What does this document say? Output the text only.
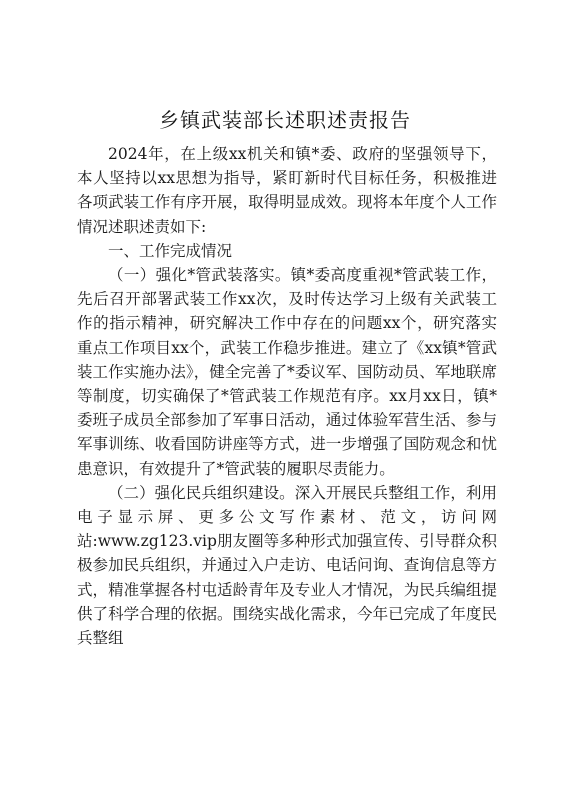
乡镇武装部长述职述责报告

2024年，在上级xx机关和镇*委、政府的坚强领导下，本人坚持以xx思想为指导，紧盯新时代目标任务，积极推进各项武装工作有序开展，取得明显成效。现将本年度个人工作情况述职述责如下:

一、工作完成情况

（一）强化*管武装落实。镇*委高度重视*管武装工作，先后召开部署武装工作xx次，及时传达学习上级有关武装工作的指示精神，研究解决工作中存在的问题xx个，研究落实重点工作项目xx个，武装工作稳步推进。建立了《xx镇*管武装工作实施办法》，健全完善了*委议军、国防动员、军地联席等制度，切实确保了*管武装工作规范有序。xx月xx日，镇*委班子成员全部参加了军事日活动，通过体验军营生活、参与军事训练、收看国防讲座等方式，进一步增强了国防观念和忧患意识，有效提升了*管武装的履职尽责能力。

（二）强化民兵组织建设。深入开展民兵整组工作，利用电子显示屏、更多公文写作素材、范文，访问网站:www.zg123.vip朋友圈等多种形式加强宣传、引导群众积极参加民兵组织，并通过入户走访、电话问询、查询信息等方式，精准掌握各村屯适龄青年及专业人才情况，为民兵编组提供了科学合理的依据。围绕实战化需求，今年已完成了年度民兵整组
